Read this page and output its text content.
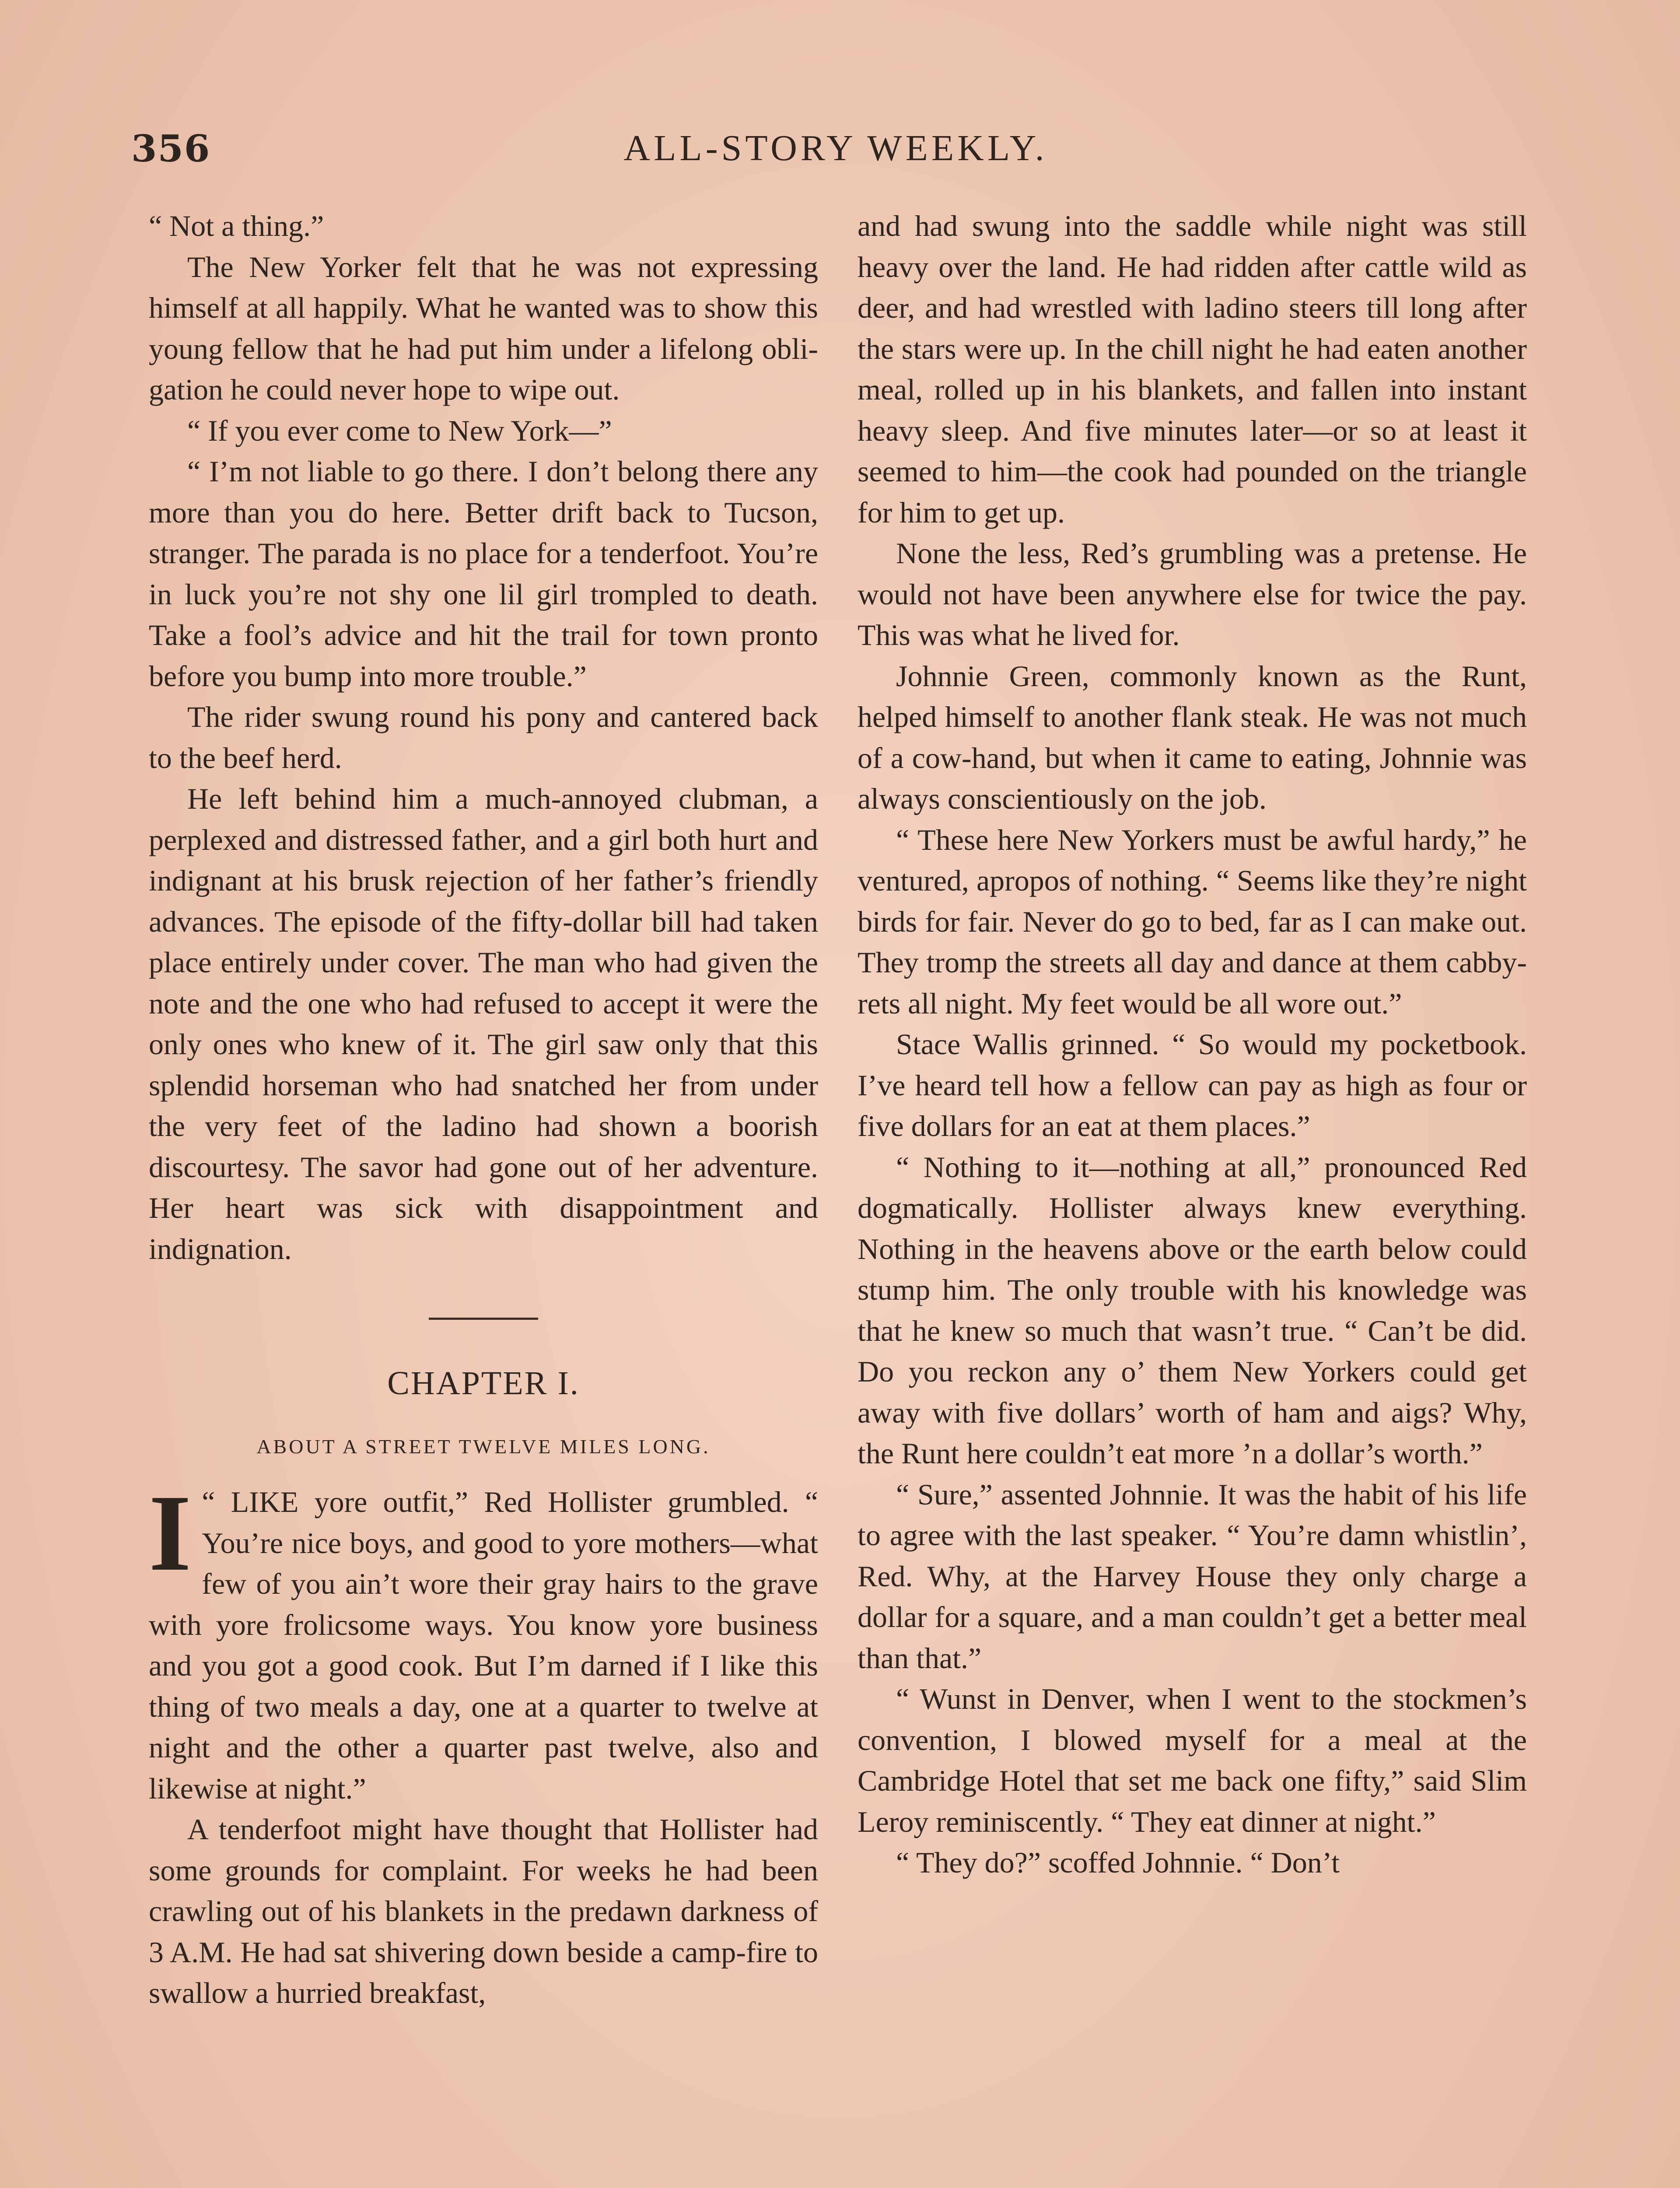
356	ALL-STORY WEEKLY.

“ Not a thing.”

The New Yorker felt that he was not expressing himself at all happily. What he wanted was to show this young fellow that he had put him under a lifelong obligation he could never hope to wipe out.

“ If you ever come to New York—”

“ I’m not liable to go there. I don’t belong there any more than you do here. Better drift back to Tucson, stranger. The parada is no place for a tenderfoot. You’re in luck you’re not shy one lil girl trompled to death. Take a fool’s advice and hit the trail for town pronto before you bump into more trouble.”

The rider swung round his pony and cantered back to the beef herd.

He left behind him a much-annoyed clubman, a perplexed and distressed father, and a girl both hurt and indignant at his brusk rejection of her father’s friendly advances. The episode of the fifty-dollar bill had taken place entirely under cover. The man who had given the note and the one who had refused to accept it were the only ones who knew of it. The girl saw only that this splendid horseman who had snatched her from under the very feet of the ladino had shown a boorish discourtesy. The savor had gone out of her adventure. Her heart was sick with disappointment and indignation.

CHAPTER I.
ABOUT A STREET TWELVE MILES LONG.

“
I LIKE yore outfit,” Red Hollister grumbled. “ You’re nice boys, and good to yore mothers—what few of you ain’t wore their gray hairs to the grave with yore frolicsome ways. You know yore business and you got a good cook. But I’m darned if I like this thing of two meals a day, one at a quarter to twelve at night and the other a quarter past twelve, also and likewise at night.”

A tenderfoot might have thought that Hollister had some grounds for complaint. For weeks he had been crawling out of his blankets in the predawn darkness of 3 A.M. He had sat shivering down beside a camp-fire to swallow a hurried breakfast,

and had swung into the saddle while night was still heavy over the land. He had ridden after cattle wild as deer, and had wrestled with ladino steers till long after the stars were up. In the chill night he had eaten another meal, rolled up in his blankets, and fallen into instant heavy sleep. And five minutes later—or so at least it seemed to him—the cook had pounded on the triangle for him to get up.

None the less, Red’s grumbling was a pretense. He would not have been anywhere else for twice the pay. This was what he lived for.

Johnnie Green, commonly known as the Runt, helped himself to another flank steak. He was not much of a cow-hand, but when it came to eating, Johnnie was always conscientiously on the job.

“ These here New Yorkers must be awful hardy,” he ventured, apropos of nothing. “ Seems like they’re night birds for fair. Never do go to bed, far as I can make out. They tromp the streets all day and dance at them cabby-rets all night. My feet would be all wore out.”

Stace Wallis grinned. “ So would my pocketbook. I’ve heard tell how a fellow can pay as high as four or five dollars for an eat at them places.”

“ Nothing to it—nothing at all,” pronounced Red dogmatically. Hollister always knew everything. Nothing in the heavens above or the earth below could stump him. The only trouble with his knowledge was that he knew so much that wasn’t true. “ Can’t be did. Do you reckon any o’ them New Yorkers could get away with five dollars’ worth of ham and aigs? Why, the Runt here couldn’t eat more ’n a dollar’s worth.”

“ Sure,” assented Johnnie. It was the habit of his life to agree with the last speaker. “ You’re damn whistlin’, Red. Why, at the Harvey House they only charge a dollar for a square, and a man couldn’t get a better meal than that.”

“ Wunst in Denver, when I went to the stockmen’s convention, I blowed myself for a meal at the Cambridge Hotel that set me back one fifty,” said Slim Leroy reminiscently. “ They eat dinner at night.”

“ They do?” scoffed Johnnie. “ Don’t
